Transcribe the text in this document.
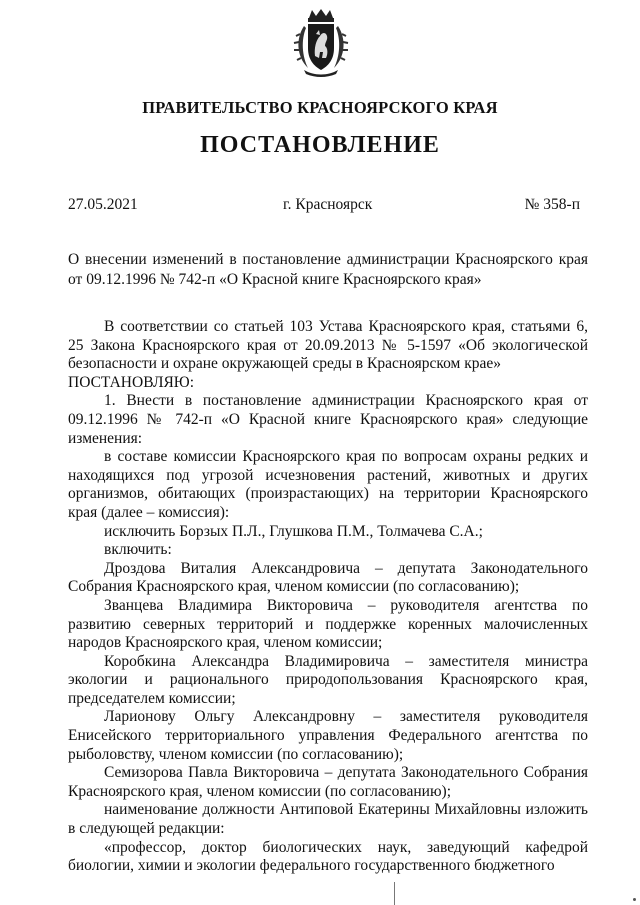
ПРАВИТЕЛЬСТВО КРАСНОЯРСКОГО КРАЯ
ПОСТАНОВЛЕНИЕ
27.05.2021	г. Красноярск	№ 358-п
О внесении изменений в постановление администрации Красноярского края от 09.12.1996 № 742-п «О Красной книге Красноярского края»

В соответствии со статьей 103 Устава Красноярского края, статьями 6, 25 Закона Красноярского края от 20.09.2013 № 5-1597 «Об экологической безопасности и охране окружающей среды в Красноярском крае»

ПОСТАНОВЛЯЮ:

1. Внести в постановление администрации Красноярского края от 09.12.1996 № 742-п «О Красной книге Красноярского края» следующие изменения:

в составе комиссии Красноярского края по вопросам охраны редких и находящихся под угрозой исчезновения растений, животных и других организмов, обитающих (произрастающих) на территории Красноярского края (далее – комиссия):

исключить Борзых П.Л., Глушкова П.М., Толмачева С.А.;

включить:

Дроздова Виталия Александровича – депутата Законодательного Собрания Красноярского края, членом комиссии (по согласованию);

Званцева Владимира Викторовича – руководителя агентства по развитию северных территорий и поддержке коренных малочисленных народов Красноярского края, членом комиссии;

Коробкина Александра Владимировича – заместителя министра экологии и рационального природопользования Красноярского края, председателем комиссии;

Ларионову Ольгу Александровну – заместителя руководителя Енисейского территориального управления Федерального агентства по рыболовству, членом комиссии (по согласованию);

Семизорова Павла Викторовича – депутата Законодательного Собрания Красноярского края, членом комиссии (по согласованию);

наименование должности Антиповой Екатерины Михайловны изложить в следующей редакции:

«профессор, доктор биологических наук, заведующий кафедрой биологии, химии и экологии федерального государственного бюджетного
